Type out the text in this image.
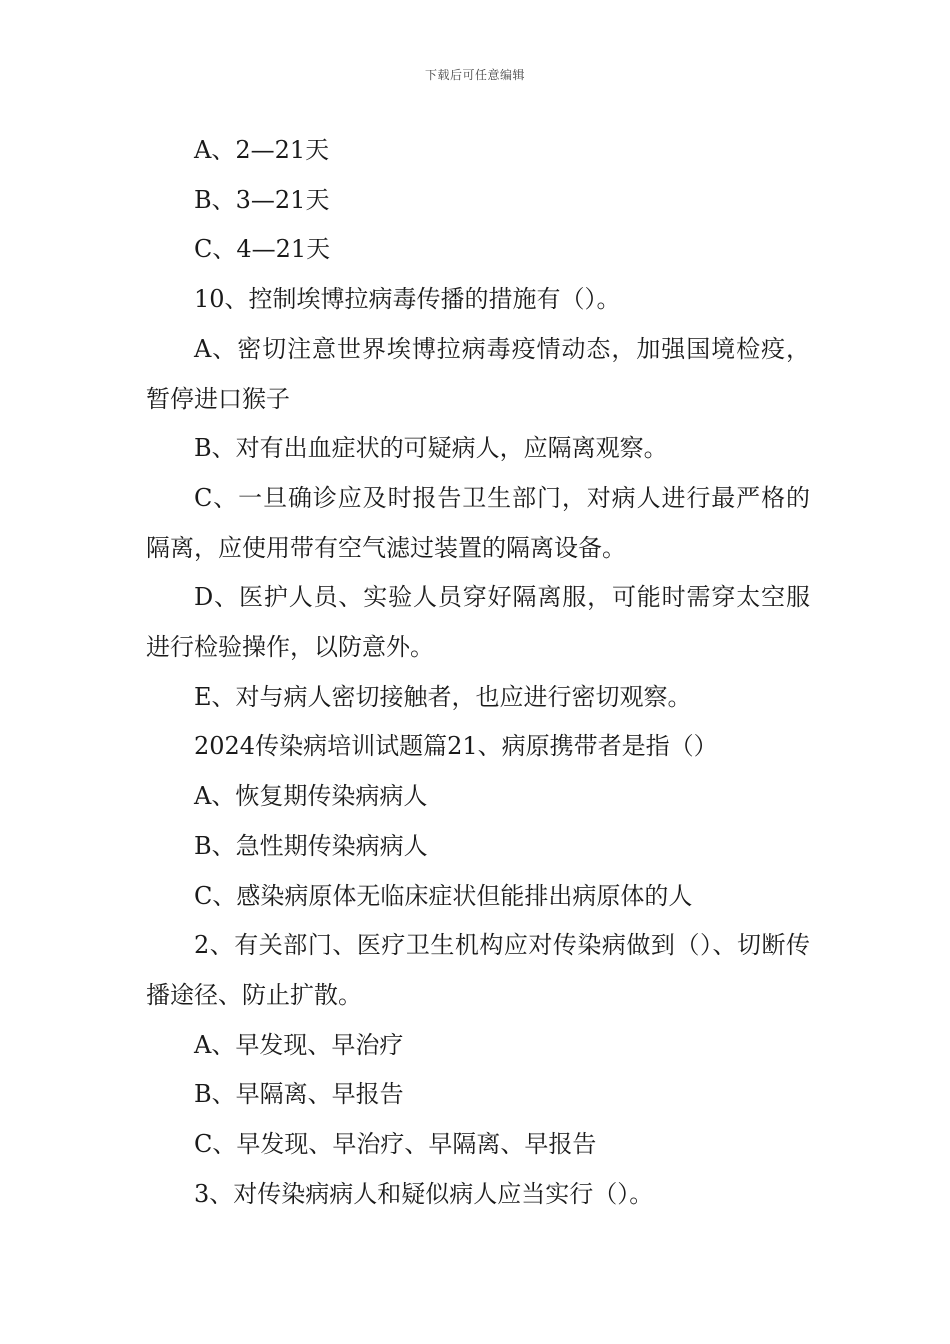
下载后可任意编辑

A、2—21天

B、3—21天

C、4—21天

10、控制埃博拉病毒传播的措施有（）。

A、密切注意世界埃博拉病毒疫情动态，加强国境检疫，暂停进口猴子

B、对有出血症状的可疑病人，应隔离观察。

C、一旦确诊应及时报告卫生部门，对病人进行最严格的隔离，应使用带有空气滤过装置的隔离设备。

D、医护人员、实验人员穿好隔离服，可能时需穿太空服进行检验操作，以防意外。

E、对与病人密切接触者，也应进行密切观察。

2024传染病培训试题篇21、病原携带者是指（）

A、恢复期传染病病人

B、急性期传染病病人

C、感染病原体无临床症状但能排出病原体的人

2、有关部门、医疗卫生机构应对传染病做到（）、切断传播途径、防止扩散。

A、早发现、早治疗

B、早隔离、早报告

C、早发现、早治疗、早隔离、早报告

3、对传染病病人和疑似病人应当实行（）。
